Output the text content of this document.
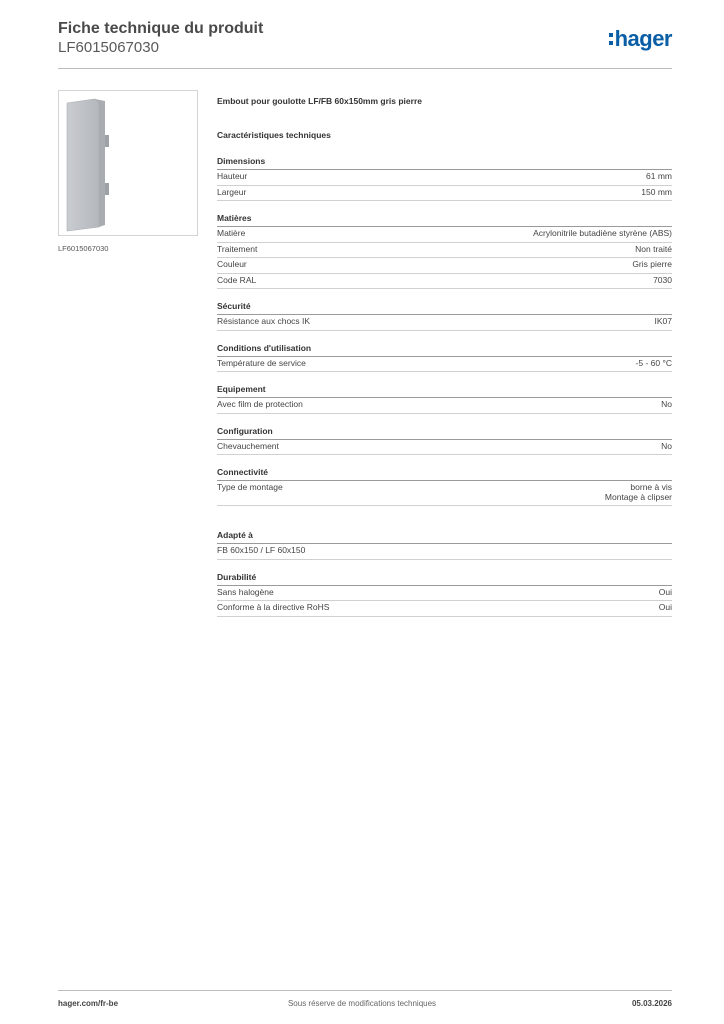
Fiche technique du produit
LF6015067030	hager
LF6015067030
Embout pour goulotte LF/FB 60x150mm gris pierre
Caractéristiques techniques
Dimensions
Hauteur	61 mm
Largeur	150 mm
Matières
Matière	Acrylonitrile butadiène styrène (ABS)
Traitement	Non traité
Couleur	Gris pierre
Code RAL	7030
Sécurité
Résistance aux chocs IK	IK07
Conditions d'utilisation
Température de service	-5 - 60 °C
Equipement
Avec film de protection	No
Configuration
Chevauchement	No
Connectivité
Type de montage	borne à vis
Montage à clipser
Adapté à
FB 60x150 / LF 60x150
Durabilité
Sans halogène	Oui
Conforme à la directive RoHS	Oui
hager.com/fr-be	Sous réserve de modifications techniques	05.03.2026
